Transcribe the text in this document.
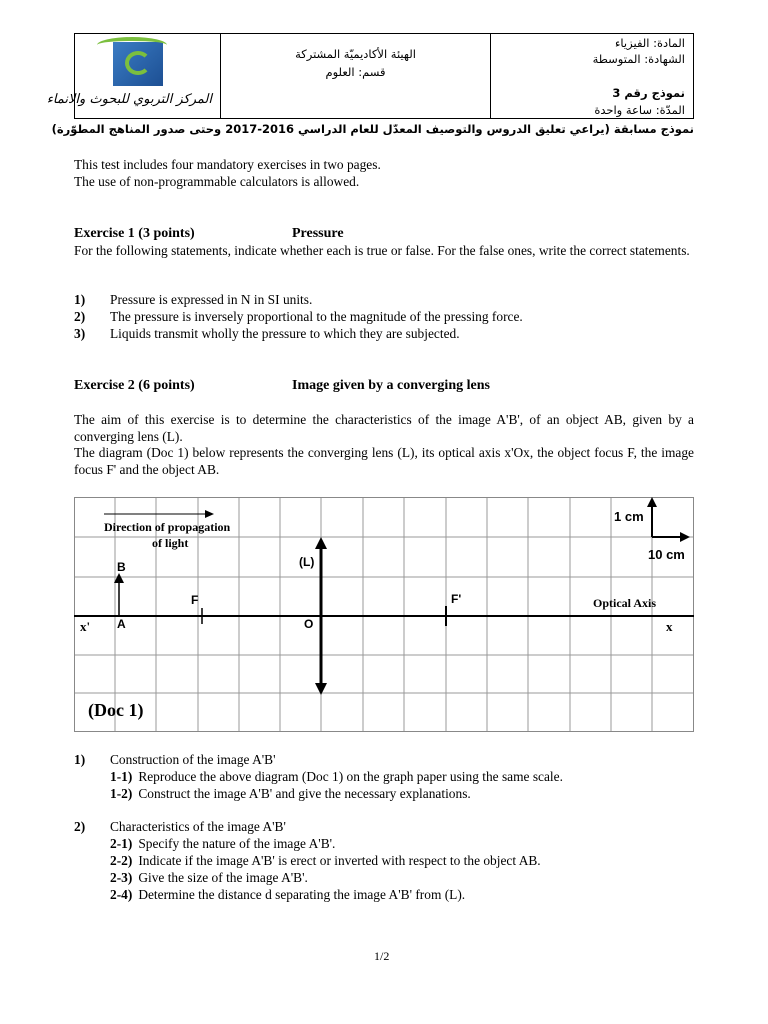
المركز التربوي للبحوث والانماء
الهيئة الأكاديميّة المشتركة
قسم: العلوم
المادة: الفيزياء
الشهادة: المتوسطة
نموذج رقم 3
المدّة: ساعة واحدة
نموذج مسابقة (يراعي تعليق الدروس والتوصيف المعدّل للعام الدراسي 2016-2017 وحتى صدور المناهج المطوّرة)
This test includes four mandatory exercises in two pages.
The use of non-programmable calculators is allowed.
Exercise 1 (3 points)	Pressure
For the following statements, indicate whether each is true or false. For the false ones, write the correct statements.
1) Pressure is expressed in N in SI units.
2) The pressure is inversely proportional to the magnitude of the pressing force.
3) Liquids transmit wholly the pressure to which they are subjected.
Exercise 2 (6 points)	Image given by a converging lens
The aim of this exercise is to determine the characteristics of the image A'B', of an object AB, given by a converging lens (L).
The diagram (Doc 1) below represents the converging lens (L), its optical axis x'Ox, the object focus F, the image focus F' and the object AB.
Direction of propagation
of light
1 cm
10 cm
(L)
B
A
F	F'
O
x'	x
Optical Axis
(Doc 1)
1) Construction of the image A'B'
1-1) Reproduce the above diagram (Doc 1) on the graph paper using the same scale.
1-2) Construct the image A'B' and give the necessary explanations.
2) Characteristics of the image A'B'
2-1) Specify the nature of the image A'B'.
2-2) Indicate if the image A'B' is erect or inverted with respect to the object AB.
2-3) Give the size of the image A'B'.
2-4) Determine the distance d separating the image A'B' from (L).
1/2
